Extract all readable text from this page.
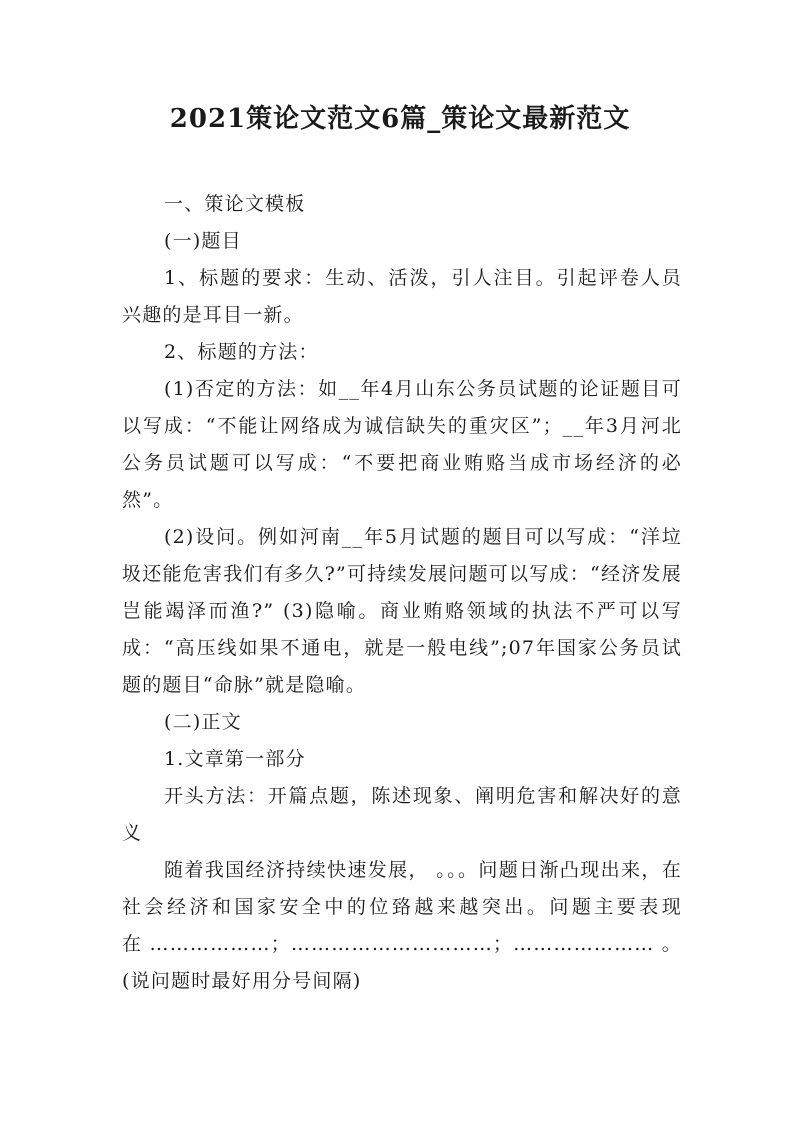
2021策论文范文6篇_策论文最新范文

一、策论文模板

(一)题目

1、标题的要求：生动、活泼，引人注目。引起评卷人员兴趣的是耳目一新。

2、标题的方法：

(1)否定的方法：如__年4月山东公务员试题的论证题目可以写成：“不能让网络成为诚信缺失的重灾区”；__年3月河北公务员试题可以写成：“不要把商业贿赂当成市场经济的必然”。

(2)设问。例如河南__年5月试题的题目可以写成：“洋垃圾还能危害我们有多久?”可持续发展问题可以写成：“经济发展岂能竭泽而渔?” (3)隐喻。商业贿赂领域的执法不严可以写成：“高压线如果不通电，就是一般电线”;07年国家公务员试题的题目“命脉”就是隐喻。

(二)正文

1.文章第一部分

开头方法：开篇点题，陈述现象、阐明危害和解决好的意义

随着我国经济持续快速发展， 。。。问题日渐凸现出来，在社会经济和国家安全中的位臵越来越突出。问题主要表现在………………；…………………………；…………………。(说问题时最好用分号间隔)
